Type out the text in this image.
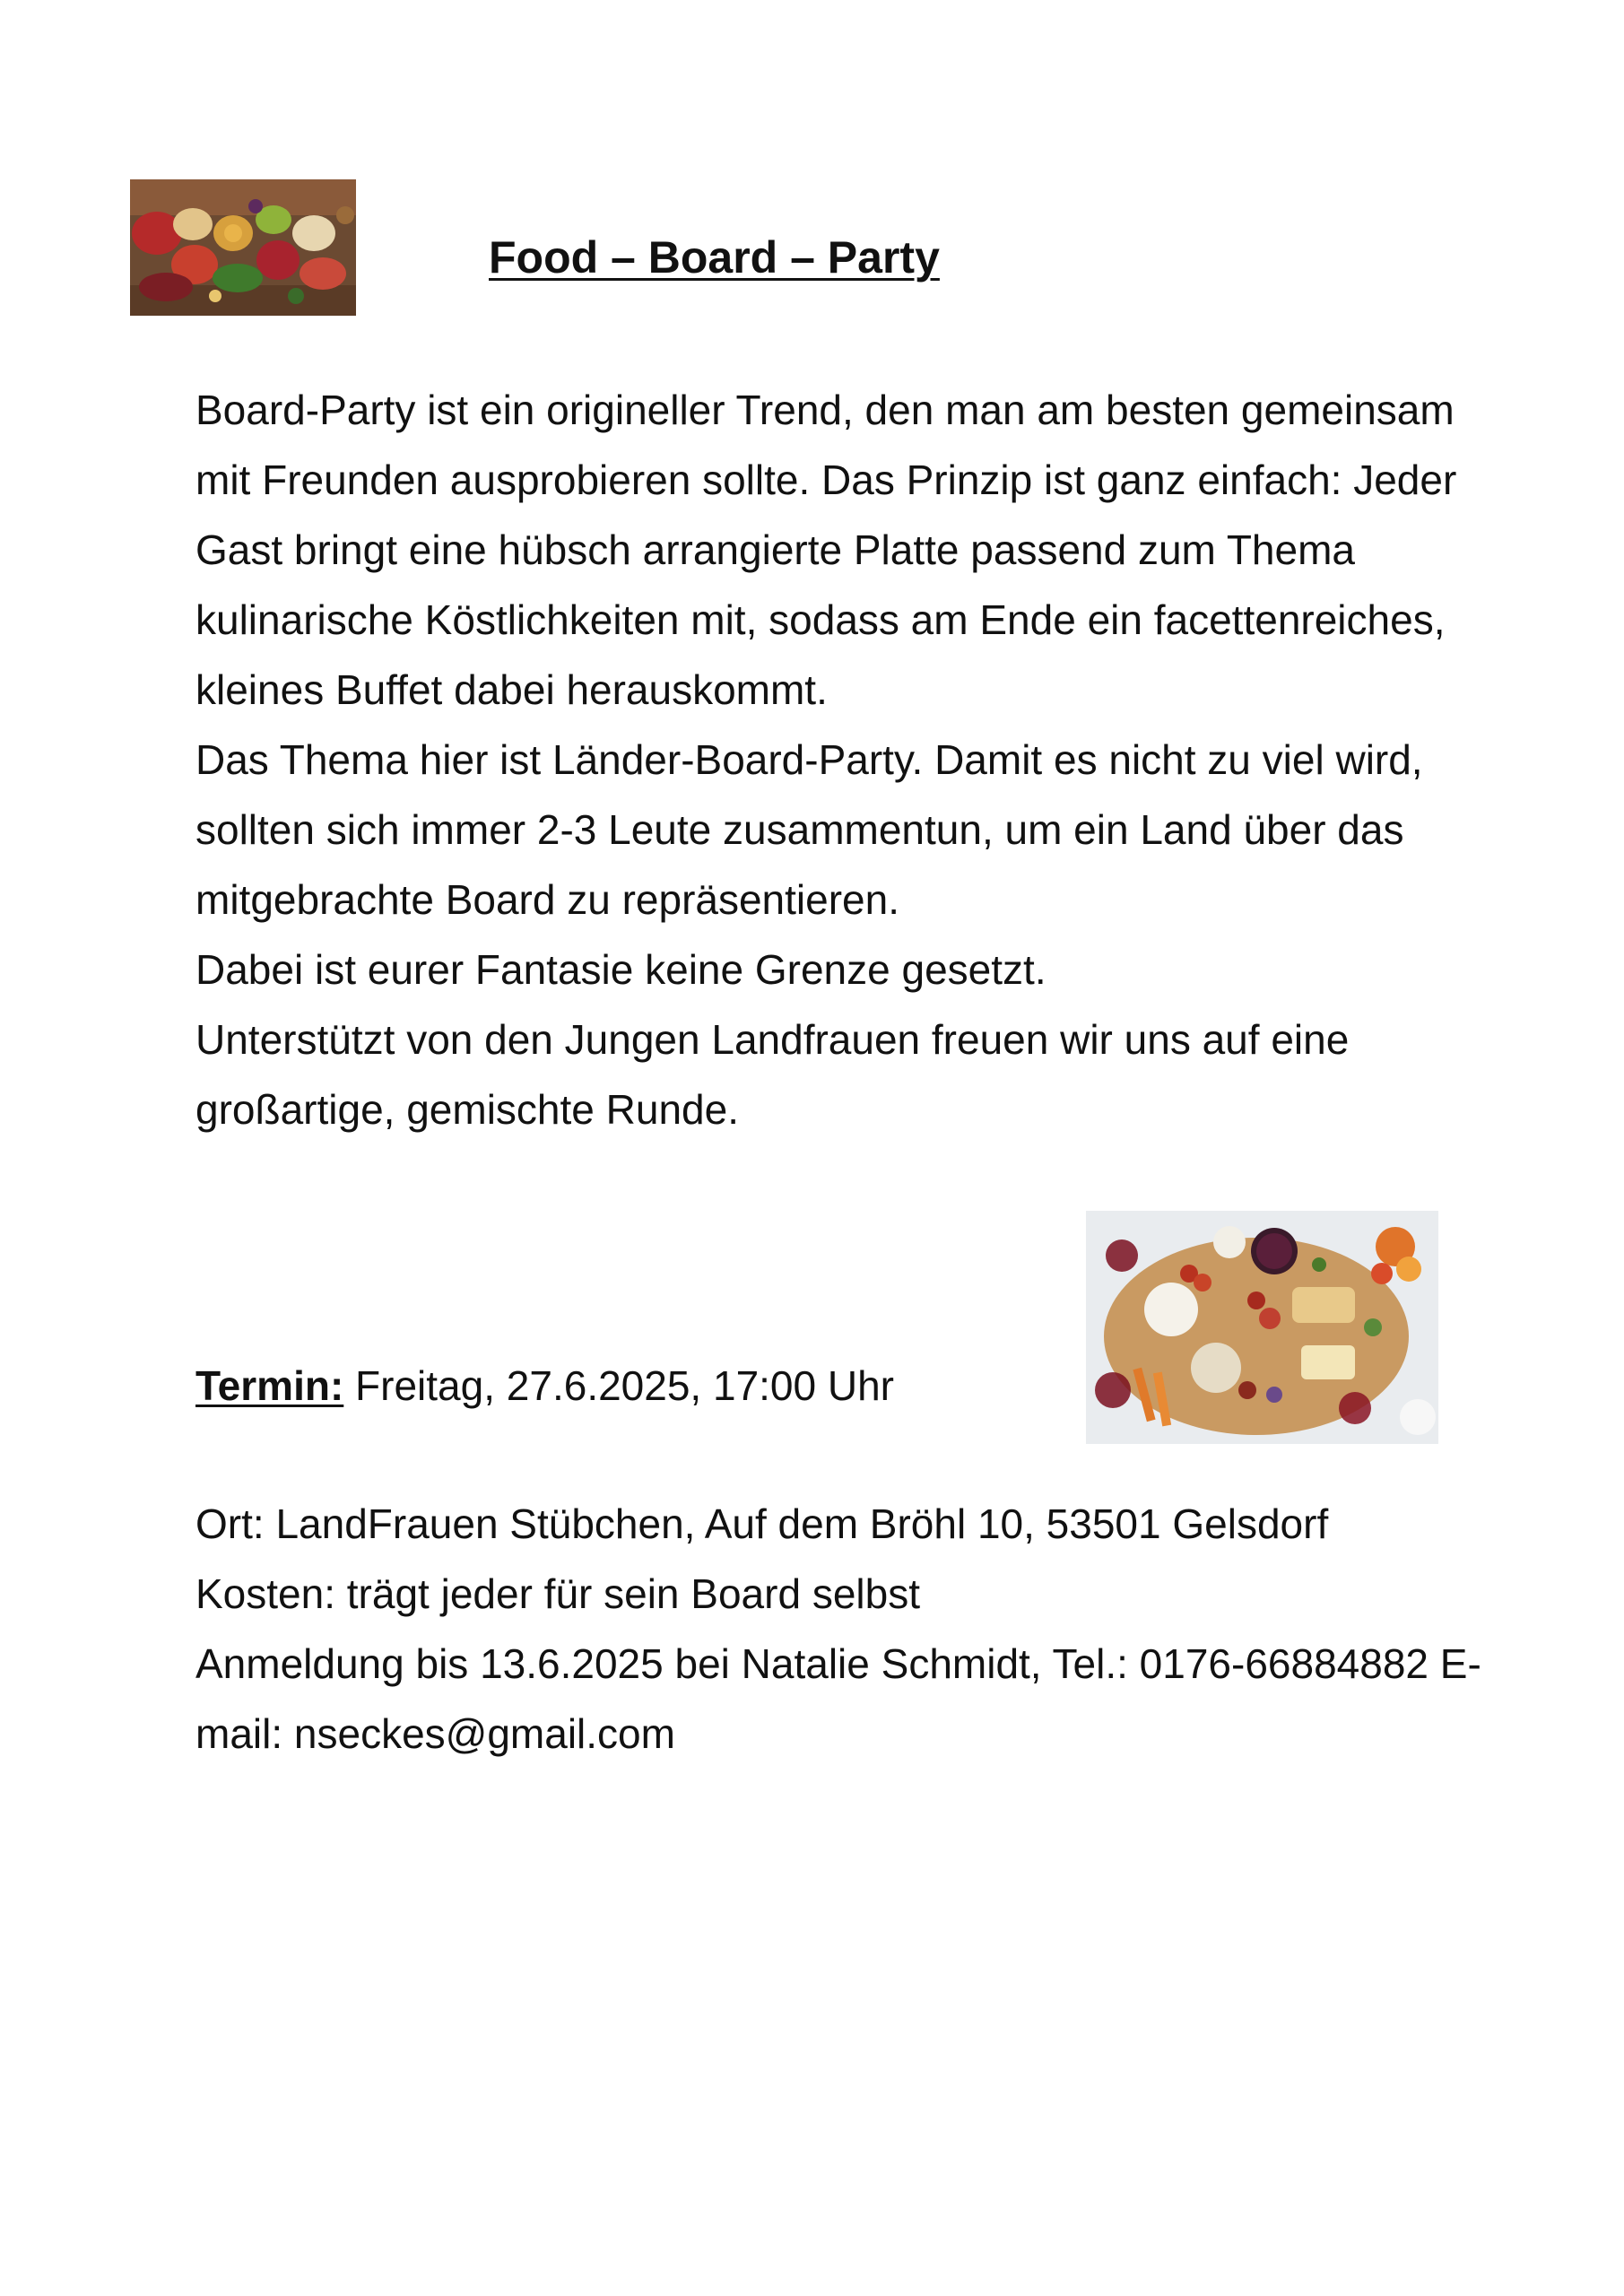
Food – Board – Party

Board-Party ist ein origineller Trend, den man am besten gemeinsam mit Freunden ausprobieren sollte. Das Prinzip ist ganz einfach: Jeder Gast bringt eine hübsch arrangierte Platte passend zum Thema kulinarische Köstlichkeiten mit, sodass am Ende ein facettenreiches, kleines Buffet dabei herauskommt.

Das Thema hier ist Länder-Board-Party. Damit es nicht zu viel wird, sollten sich immer 2-3 Leute zusammentun, um ein Land über das mitgebrachte Board zu repräsentieren.

Dabei ist eurer Fantasie keine Grenze gesetzt.

Unterstützt von den Jungen Landfrauen freuen wir uns auf eine großartige, gemischte Runde.

Termin: Freitag, 27.6.2025, 17:00 Uhr

Ort: LandFrauen Stübchen, Auf dem Bröhl 10, 53501 Gelsdorf

Kosten: trägt jeder für sein Board selbst

Anmeldung bis 13.6.2025 bei Natalie Schmidt, Tel.: 0176-66884882 E-mail: nseckes@gmail.com
